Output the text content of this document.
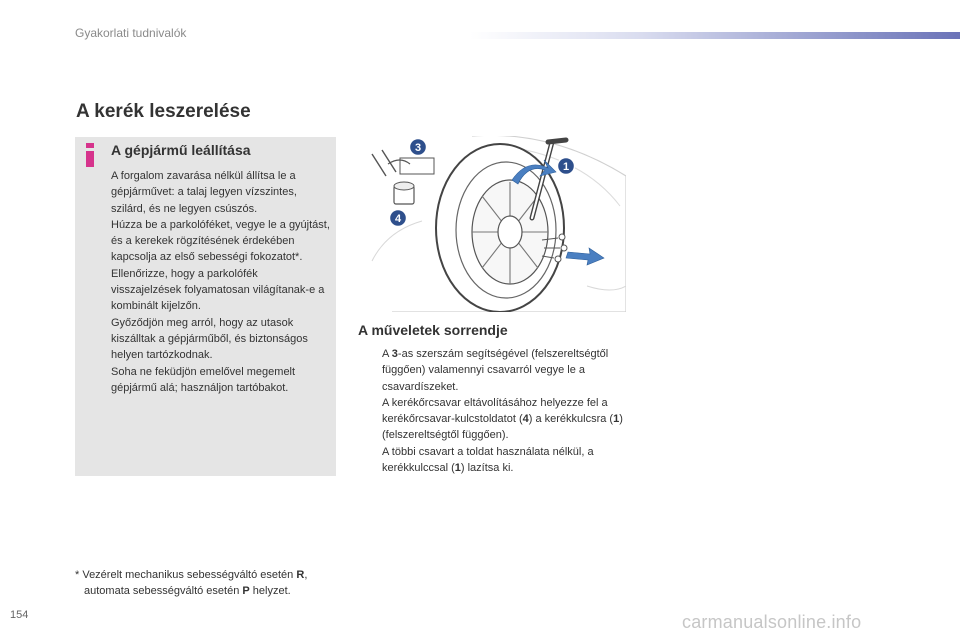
Gyakorlati tudnivalók
A kerék leszerelése
A gépjármű leállítása

A forgalom zavarása nélkül állítsa le a gépjárművet: a talaj legyen vízszintes, szilárd, és ne legyen csúszós.

Húzza be a parkolóféket, vegye le a gyújtást, és a kerekek rögzítésének érdekében kapcsolja az első sebességi fokozatot*.

Ellenőrizze, hogy a parkolófék visszajelzések folyamatosan világítanak-e a kombinált kijelzőn.

Győződjön meg arról, hogy az utasok kiszálltak a gépjárműből, és biztonságos helyen tartózkodnak.

Soha ne feküdjön emelővel megemelt gépjármű alá; használjon tartóbakot.

3
4
1
A műveletek sorrendje
A 3-as szerszám segítségével (felszereltségtől függően) valamennyi csavarról vegye le a csavardíszeket.
A kerékőrcsavar eltávolításához helyezze fel a kerékőrcsavar-kulcstoldatot (4) a kerékkulcsra (1) (felszereltségtől függően).
A többi csavart a toldat használata nélkül, a kerékkulccsal (1) lazítsa ki.
* Vezérelt mechanikus sebességváltó esetén R,
automata sebességváltó esetén P helyzet.
154	carmanualsonline.info
